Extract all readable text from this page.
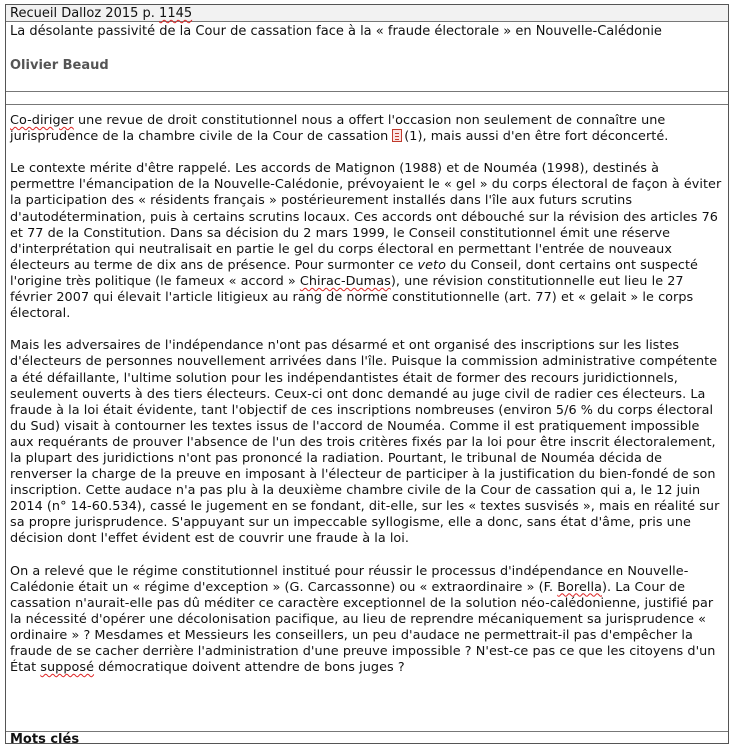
Recueil Dalloz 2015 p. 1145
La désolante passivité de la Cour de cassation face à la « fraude électorale » en Nouvelle-Calédonie
Olivier Beaud

Co-diriger une revue de droit constitutionnel nous a offert l'occasion non seulement de connaître une jurisprudence de la chambre civile de la Cour de cassation (1), mais aussi d'en être fort déconcerté.

Le contexte mérite d'être rappelé. Les accords de Matignon (1988) et de Nouméa (1998), destinés à permettre l'émancipation de la Nouvelle-Calédonie, prévoyaient le « gel » du corps électoral de façon à éviter la participation des « résidents français » postérieurement installés dans l'île aux futurs scrutins d'autodétermination, puis à certains scrutins locaux. Ces accords ont débouché sur la révision des articles 76 et 77 de la Constitution. Dans sa décision du 2 mars 1999, le Conseil constitutionnel émit une réserve d'interprétation qui neutralisait en partie le gel du corps électoral en permettant l'entrée de nouveaux électeurs au terme de dix ans de présence. Pour surmonter ce veto du Conseil, dont certains ont suspecté l'origine très politique (le fameux « accord » Chirac-Dumas), une révision constitutionnelle eut lieu le 27 février 2007 qui élevait l'article litigieux au rang de norme constitutionnelle (art. 77) et « gelait » le corps électoral.

Mais les adversaires de l'indépendance n'ont pas désarmé et ont organisé des inscriptions sur les listes d'électeurs de personnes nouvellement arrivées dans l'île. Puisque la commission administrative compétente a été défaillante, l'ultime solution pour les indépendantistes était de former des recours juridictionnels, seulement ouverts à des tiers électeurs. Ceux-ci ont donc demandé au juge civil de radier ces électeurs. La fraude à la loi était évidente, tant l'objectif de ces inscriptions nombreuses (environ 5/6 % du corps électoral du Sud) visait à contourner les textes issus de l'accord de Nouméa. Comme il est pratiquement impossible aux requérants de prouver l'absence de l'un des trois critères fixés par la loi pour être inscrit électoralement, la plupart des juridictions n'ont pas prononcé la radiation. Pourtant, le tribunal de Nouméa décida de renverser la charge de la preuve en imposant à l'électeur de participer à la justification du bien-fondé de son inscription. Cette audace n'a pas plu à la deuxième chambre civile de la Cour de cassation qui a, le 12 juin 2014 (n° 14-60.534), cassé le jugement en se fondant, dit-elle, sur les « textes susvisés », mais en réalité sur sa propre jurisprudence. S'appuyant sur un impeccable syllogisme, elle a donc, sans état d'âme, pris une décision dont l'effet évident est de couvrir une fraude à la loi.

On a relevé que le régime constitutionnel institué pour réussir le processus d'indépendance en Nouvelle-Calédonie était un « régime d'exception » (G. Carcassonne) ou « extraordinaire » (F. Borella). La Cour de cassation n'aurait-elle pas dû méditer ce caractère exceptionnel de la solution néo-calédonienne, justifié par la nécessité d'opérer une décolonisation pacifique, au lieu de reprendre mécaniquement sa jurisprudence « ordinaire » ? Mesdames et Messieurs les conseillers, un peu d'audace ne permettrait-il pas d'empêcher la fraude de se cacher derrière l'administration d'une preuve impossible ? N'est-ce pas ce que les citoyens d'un État supposé démocratique doivent attendre de bons juges ?

Mots clés
